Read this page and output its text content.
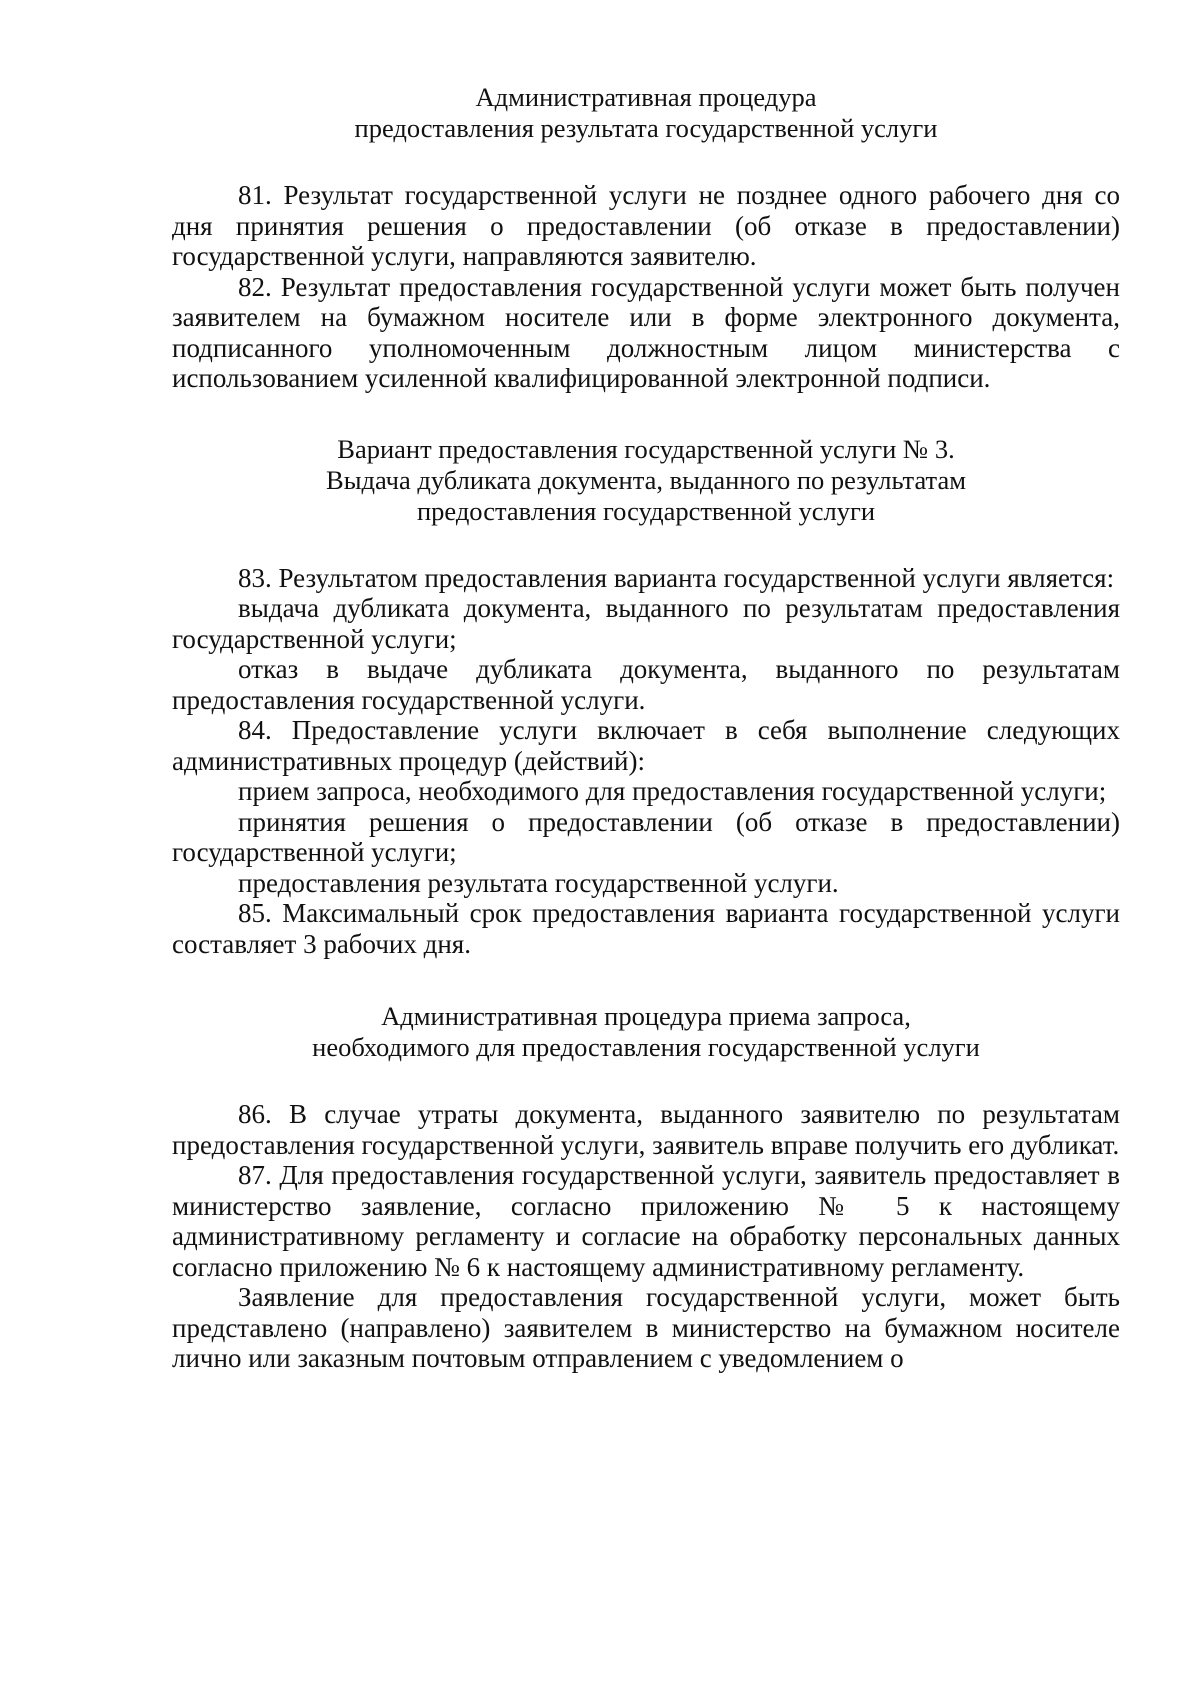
Административная процедура
предоставления результата государственной услуги

81. Результат государственной услуги не позднее одного рабочего дня со дня принятия решения о предоставлении (об отказе в предоставлении) государственной услуги, направляются заявителю.

82. Результат предоставления государственной услуги может быть получен заявителем на бумажном носителе или в форме электронного документа, подписанного уполномоченным должностным лицом министерства с использованием усиленной квалифицированной электронной подписи.

Вариант предоставления государственной услуги № 3.
Выдача дубликата документа, выданного по результатам
предоставления государственной услуги

83. Результатом предоставления варианта государственной услуги является:

выдача дубликата документа, выданного по результатам предоставления государственной услуги;

отказ в выдаче дубликата документа, выданного по результатам предоставления государственной услуги.

84. Предоставление услуги включает в себя выполнение следующих административных процедур (действий):

прием запроса, необходимого для предоставления государственной услуги;

принятия решения о предоставлении (об отказе в предоставлении) государственной услуги;

предоставления результата государственной услуги.

85. Максимальный срок предоставления варианта государственной услуги составляет 3 рабочих дня.

Административная процедура приема запроса,
необходимого для предоставления государственной услуги

86. В случае утраты документа, выданного заявителю по результатам предоставления государственной услуги, заявитель вправе получить его дубликат.

87. Для предоставления государственной услуги, заявитель предоставляет в министерство заявление, согласно приложению № 5 к настоящему административному регламенту и согласие на обработку персональных данных согласно приложению № 6 к настоящему административному регламенту.

Заявление для предоставления государственной услуги, может быть представлено (направлено) заявителем в министерство на бумажном носителе лично или заказным почтовым отправлением с уведомлением о
